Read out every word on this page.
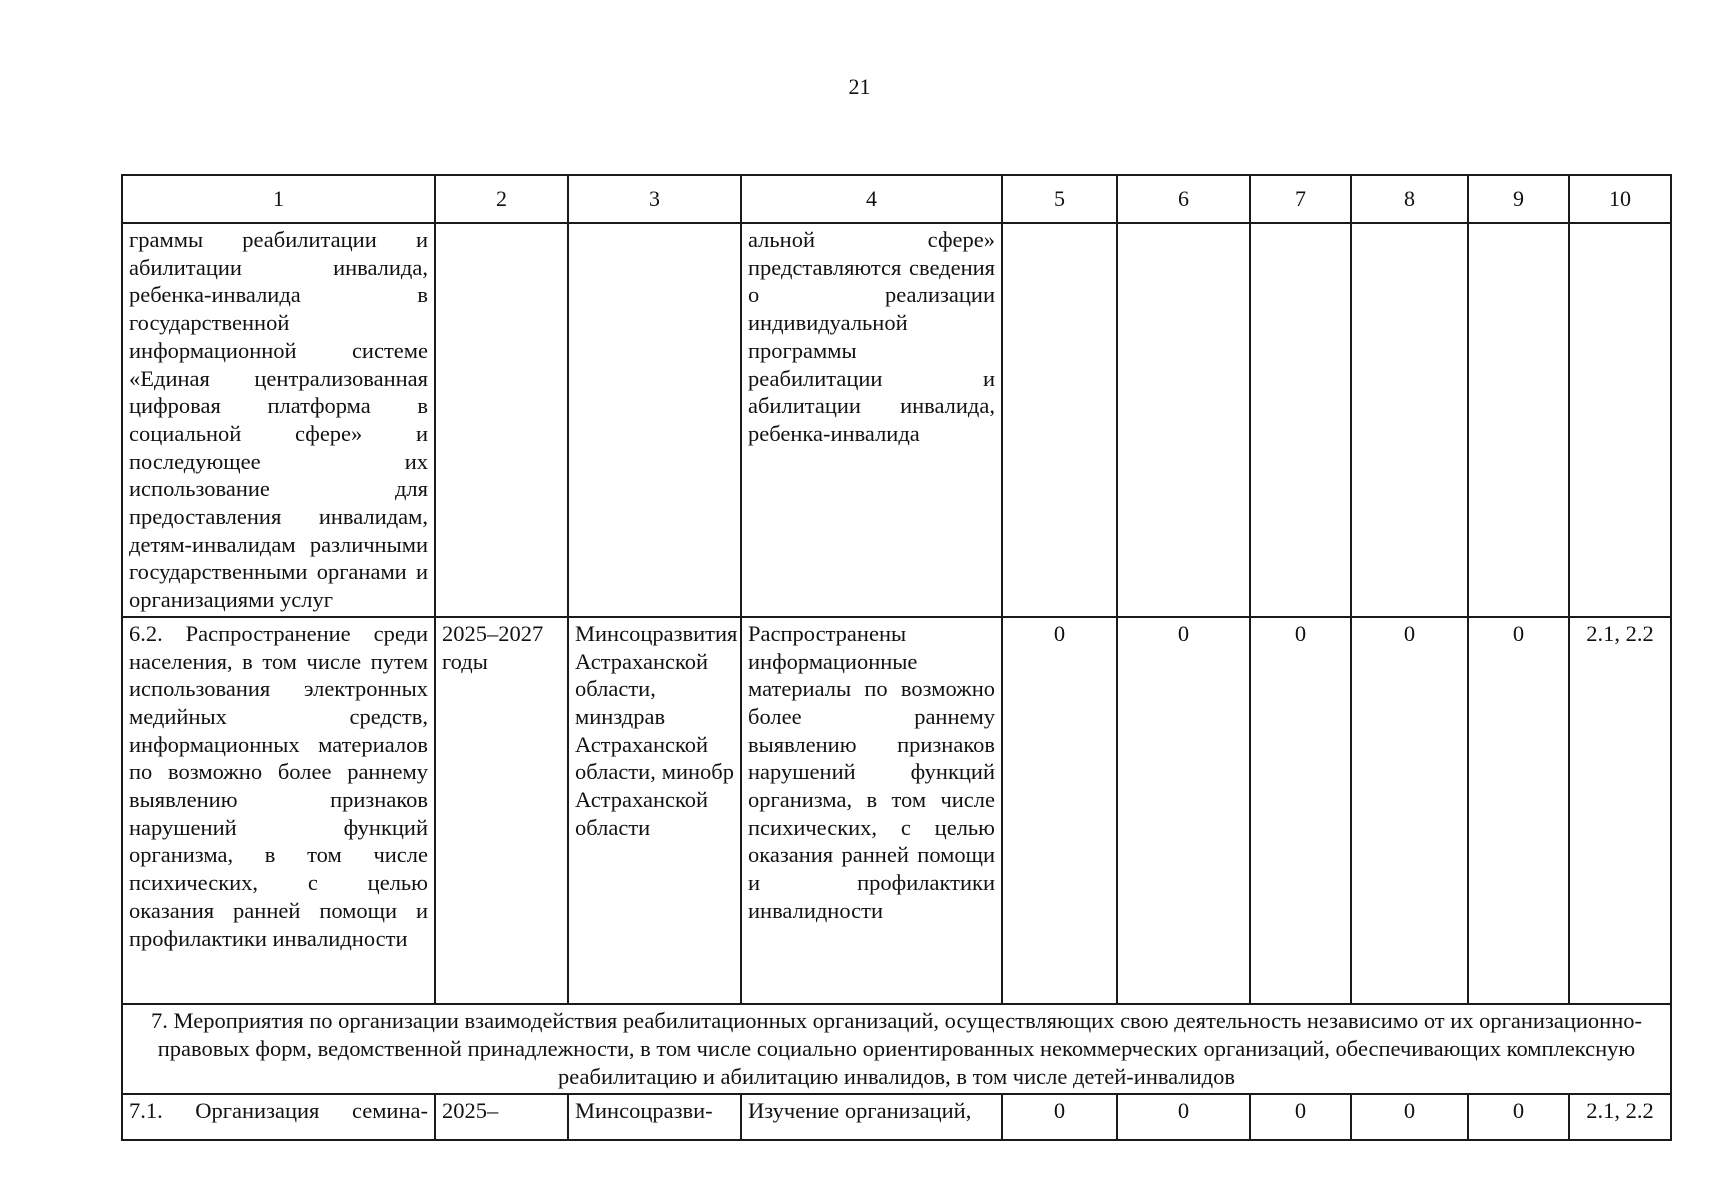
21
1	2	3	4	5	6	7	8	9	10
граммы реабилитации и абилитации инвалида, ребенка-инвалида в государственной информационной системе «Единая централизованная цифровая платформа в социальной сфере» и последующее их использование для предоставления инвалидам, детям-инвалидам различными государственными органами и организациями услуг			альной сфере» представляются сведения о реализации индивидуальной программы реабилитации и абилитации инвалида, ребенка-инвалида						
6.2. Распространение среди населения, в том числе путем использования электронных медийных средств, информационных материалов по возможно более раннему выявлению признаков нарушений функций организма, в том числе психических, с целью оказания ранней помощи и профилактики инвалидности	2025–2027 годы	Минсоцразвития Астраханской области, минздрав Астраханской области, минобр Астраханской области	Распространены информационные материалы по возможно более раннему выявлению признаков нарушений функций организма, в том числе психических, с целью оказания ранней помощи и профилактики инвалидности	0	0	0	0	0	2.1, 2.2
7. Мероприятия по организации взаимодействия реабилитационных организаций, осуществляющих свою деятельность независимо от их организационно-правовых форм, ведомственной принадлежности, в том числе социально ориентированных некоммерческих организаций, обеспечивающих комплексную реабилитацию и абилитацию инвалидов, в том числе детей-инвалидов									
7.1. Организация семина-	2025–	Минсоцразви-	Изучение организаций,	0	0	0	0	0	2.1, 2.2
